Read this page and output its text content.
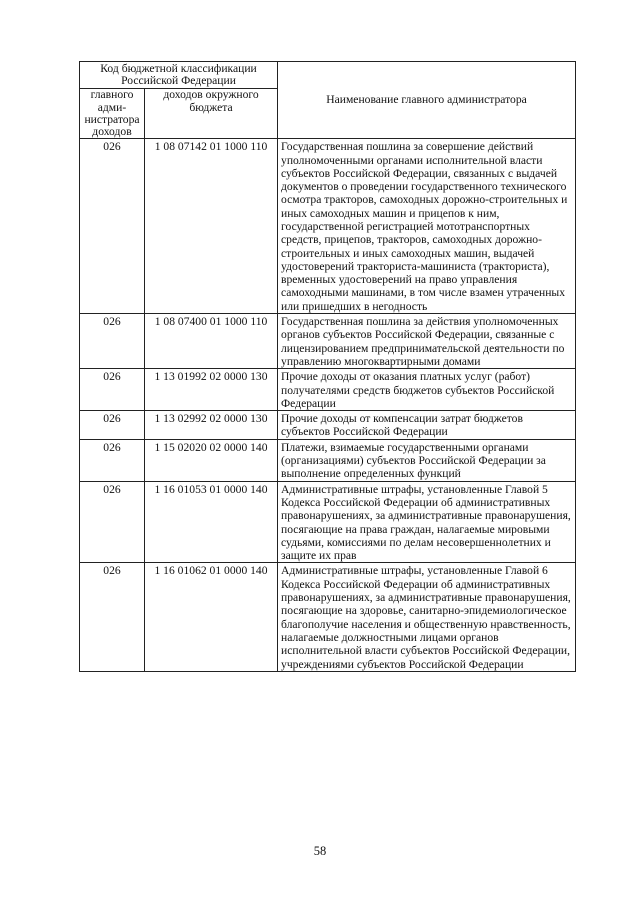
Код бюджетной классификации Российской Федерации		Наименование главного администратора
главного адми-нистратора доходов	доходов окружного бюджета	
026	1 08 07142 01 1000 110	Государственная пошлина за совершение действий уполномоченными органами исполнительной власти субъектов Российской Федерации, связанных с выдачей документов о проведении государственного технического осмотра тракторов, самоходных дорожно-строительных и иных самоходных машин и прицепов к ним, государственной регистрацией мототранспортных средств, прицепов, тракторов, самоходных дорожно-строительных и иных самоходных машин, выдачей удостоверений тракториста-машиниста (тракториста), временных удостоверений на право управления самоходными машинами, в том числе взамен утраченных или пришедших в негодность
026	1 08 07400 01 1000 110	Государственная пошлина за действия уполномоченных органов субъектов Российской Федерации, связанные с лицензированием предпринимательской деятельности по управлению многоквартирными домами
026	1 13 01992 02 0000 130	Прочие доходы от оказания платных услуг (работ) получателями средств бюджетов субъектов Российской Федерации
026	1 13 02992 02 0000 130	Прочие доходы от компенсации затрат бюджетов субъектов Российской Федерации
026	1 15 02020 02 0000 140	Платежи, взимаемые государственными органами (организациями) субъектов Российской Федерации за выполнение определенных функций
026	1 16 01053 01 0000 140	Административные штрафы, установленные Главой 5 Кодекса Российской Федерации об административных правонарушениях, за административные правонарушения, посягающие на права граждан, налагаемые мировыми судьями, комиссиями по делам несовершеннолетних и защите их прав
026	1 16 01062 01 0000 140	Административные штрафы, установленные Главой 6 Кодекса Российской Федерации об административных правонарушениях, за административные правонарушения, посягающие на здоровье, санитарно-эпидемиологическое благополучие населения и общественную нравственность, налагаемые должностными лицами органов исполнительной власти субъектов Российской Федерации, учреждениями субъектов Российской Федерации
58
